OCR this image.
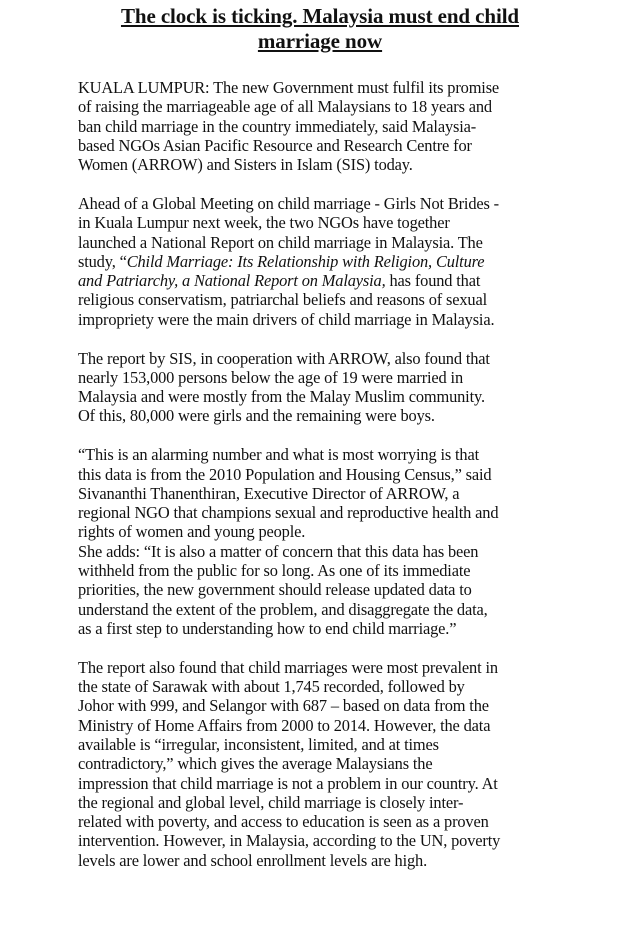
The clock is ticking. Malaysia must end child
marriage now

KUALA LUMPUR: The new Government must fulfil its promise
of raising the marriageable age of all Malaysians to 18 years and
ban child marriage in the country immediately, said Malaysia-
based NGOs Asian Pacific Resource and Research Centre for
Women (ARROW) and Sisters in Islam (SIS) today.

Ahead of a Global Meeting on child marriage - Girls Not Brides -
in Kuala Lumpur next week, the two NGOs have together
launched a National Report on child marriage in Malaysia. The
study, “Child Marriage: Its Relationship with Religion, Culture
and Patriarchy, a National Report on Malaysia, has found that
religious conservatism, patriarchal beliefs and reasons of sexual
impropriety were the main drivers of child marriage in Malaysia.

The report by SIS, in cooperation with ARROW, also found that
nearly 153,000 persons below the age of 19 were married in
Malaysia and were mostly from the Malay Muslim community.
Of this, 80,000 were girls and the remaining were boys.

“This is an alarming number and what is most worrying is that
this data is from the 2010 Population and Housing Census,” said
Sivananthi Thanenthiran, Executive Director of ARROW, a
regional NGO that champions sexual and reproductive health and
rights of women and young people.

She adds: “It is also a matter of concern that this data has been
withheld from the public for so long. As one of its immediate
priorities, the new government should release updated data to
understand the extent of the problem, and disaggregate the data,
as a first step to understanding how to end child marriage.”

The report also found that child marriages were most prevalent in
the state of Sarawak with about 1,745 recorded, followed by
Johor with 999, and Selangor with 687 – based on data from the
Ministry of Home Affairs from 2000 to 2014. However, the data
available is “irregular, inconsistent, limited, and at times
contradictory,” which gives the average Malaysians the
impression that child marriage is not a problem in our country. At
the regional and global level, child marriage is closely inter-
related with poverty, and access to education is seen as a proven
intervention. However, in Malaysia, according to the UN, poverty
levels are lower and school enrollment levels are high.
